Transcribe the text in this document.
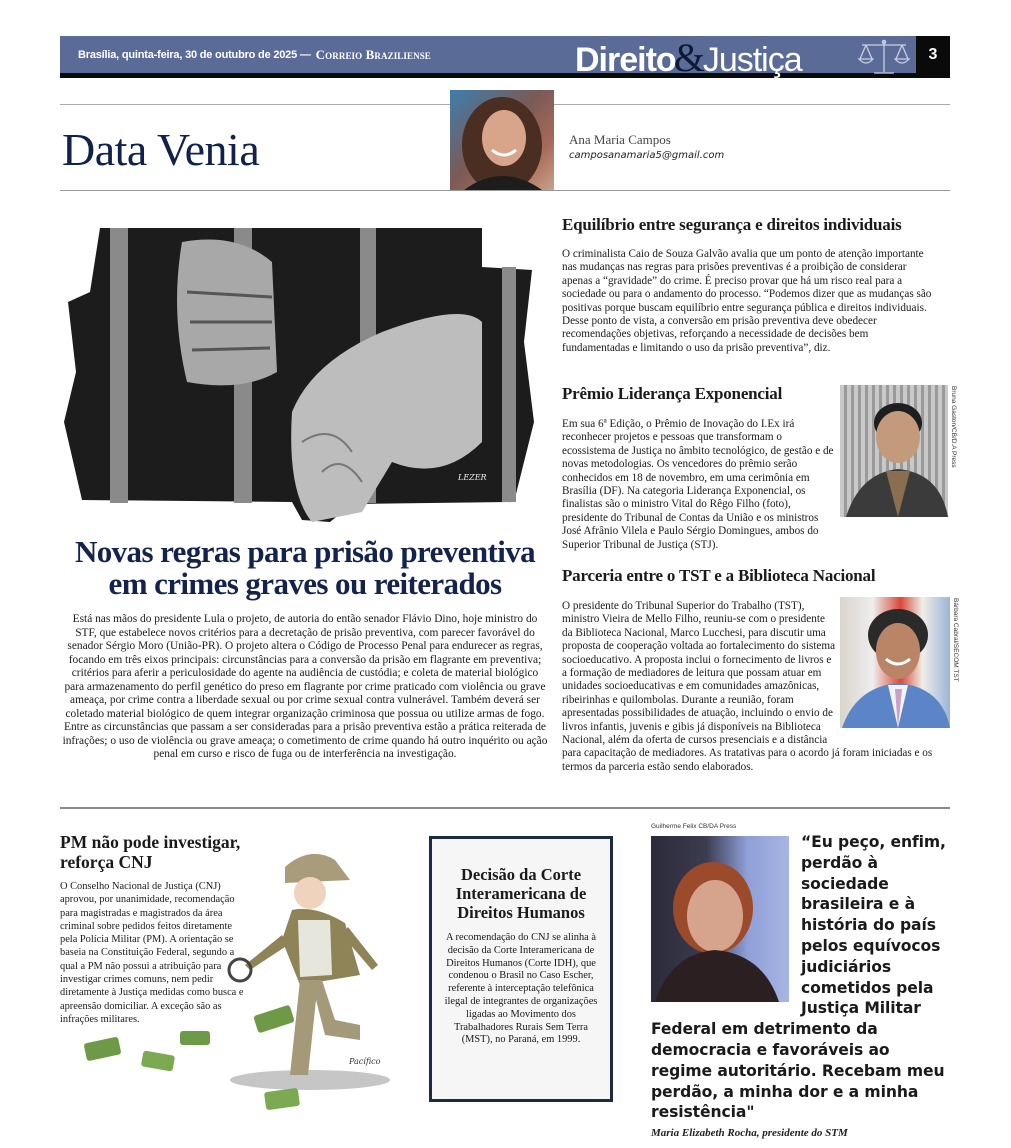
Brasília, quinta-feira, 30 de outubro de 2025 — Correio Braziliense	Direito
&
Justiça	3
Data Venia	Ana Maria Campos
camposanamaria5@gmail.com
LEZER
Novas regras para prisão preventiva em crimes graves ou reiterados

Está nas mãos do presidente Lula o projeto, de autoria do então senador Flávio Dino, hoje ministro do STF, que estabelece novos critérios para a decretação de prisão preventiva, com parecer favorável do senador Sérgio Moro (União-PR). O projeto altera o Código de Processo Penal para endurecer as regras, focando em três eixos principais: circunstâncias para a conversão da prisão em flagrante em preventiva; critérios para aferir a periculosidade do agente na audiência de custódia; e coleta de material biológico para armazenamento do perfil genético do preso em flagrante por crime praticado com violência ou grave ameaça, por crime contra a liberdade sexual ou por crime sexual contra vulnerável. Também deverá ser coletado material biológico de quem integrar organização criminosa que possua ou utilize armas de fogo. Entre as circunstâncias que passam a ser consideradas para a prisão preventiva estão a prática reiterada de infrações; o uso de violência ou grave ameaça; o cometimento de crime quando há outro inquérito ou ação penal em curso e risco de fuga ou de interferência na investigação.

Equilíbrio entre segurança e direitos individuais

O criminalista Caio de Souza Galvão avalia que um ponto de atenção importante nas mudanças nas regras para prisões preventivas é a proibição de considerar apenas a “gravidade” do crime. É preciso provar que há um risco real para a sociedade ou para o andamento do processo. “Podemos dizer que as mudanças são positivas porque buscam equilíbrio entre segurança pública e direitos individuais. Desse ponto de vista, a conversão em prisão preventiva deve obedecer recomendações objetivas, reforçando a necessidade de decisões bem fundamentadas e limitando o uso da prisão preventiva”, diz.

Prêmio Liderança Exponencial
Em sua 6ª Edição, o Prêmio de Inovação do I.Ex irá reconhecer projetos e pessoas que transformam o ecossistema de Justiça no âmbito tecnológico, de gestão e de novas metodologias. Os vencedores do prêmio serão conhecidos em 18 de novembro, em uma cerimônia em Brasília (DF). Na categoria Liderança Exponencial, os finalistas são o ministro Vital do Rêgo Filho (foto), presidente do Tribunal de Contas da União e os ministros José Afrânio Vilela e Paulo Sérgio Domingues, ambos do Superior Tribunal de Justiça (STJ).
Bruna Gaston/CB/D.A Press
Parceria entre o TST e a Biblioteca Nacional
O presidente do Tribunal Superior do Trabalho (TST), ministro Vieira de Mello Filho, reuniu-se com o presidente da Biblioteca Nacional, Marco Lucchesi, para discutir uma proposta de cooperação voltada ao fortalecimento do sistema socioeducativo. A proposta inclui o fornecimento de livros e a formação de mediadores de leitura que possam atuar em unidades socioeducativas e em comunidades amazônicas, ribeirinhas e quilombolas. Durante a reunião, foram apresentadas possibilidades de atuação, incluindo o envio de livros infantis, juvenis e gibis já disponíveis na Biblioteca Nacional, além da oferta de cursos presenciais e a distância para capacitação de mediadores. As tratativas para o acordo já foram iniciadas e os termos da parceria estão sendo elaborados.
Bárbara Cabral/SECOM TST
Pacífico
PM não pode investigar, reforça CNJ

O Conselho Nacional de Justiça (CNJ) aprovou, por unanimidade, recomendação para magistradas e magistrados da área criminal sobre pedidos feitos diretamente pela Polícia Militar (PM). A orientação se baseia na Constituição Federal, segundo a qual a PM não possui a atribuição para investigar crimes comuns, nem pedir diretamente à Justiça medidas como busca e apreensão domiciliar. A exceção são as infrações militares.

Decisão da Corte Interamericana de Direitos Humanos

A recomendação do CNJ se alinha à decisão da Corte Interamericana de Direitos Humanos (Corte IDH), que condenou o Brasil no Caso Escher, referente à interceptação telefônica ilegal de integrantes de organizações ligadas ao Movimento dos Trabalhadores Rurais Sem Terra (MST), no Paraná, em 1999.

Guilherme Felix CB/DA Press
“Eu peço, enfim, perdão à sociedade brasileira e à história do país pelos equívocos judiciários cometidos pela Justiça Militar Federal em detrimento da democracia e favoráveis ao regime autoritário. Recebam meu perdão, a minha dor e a minha resistência"
Maria Elizabeth Rocha, presidente do STM
